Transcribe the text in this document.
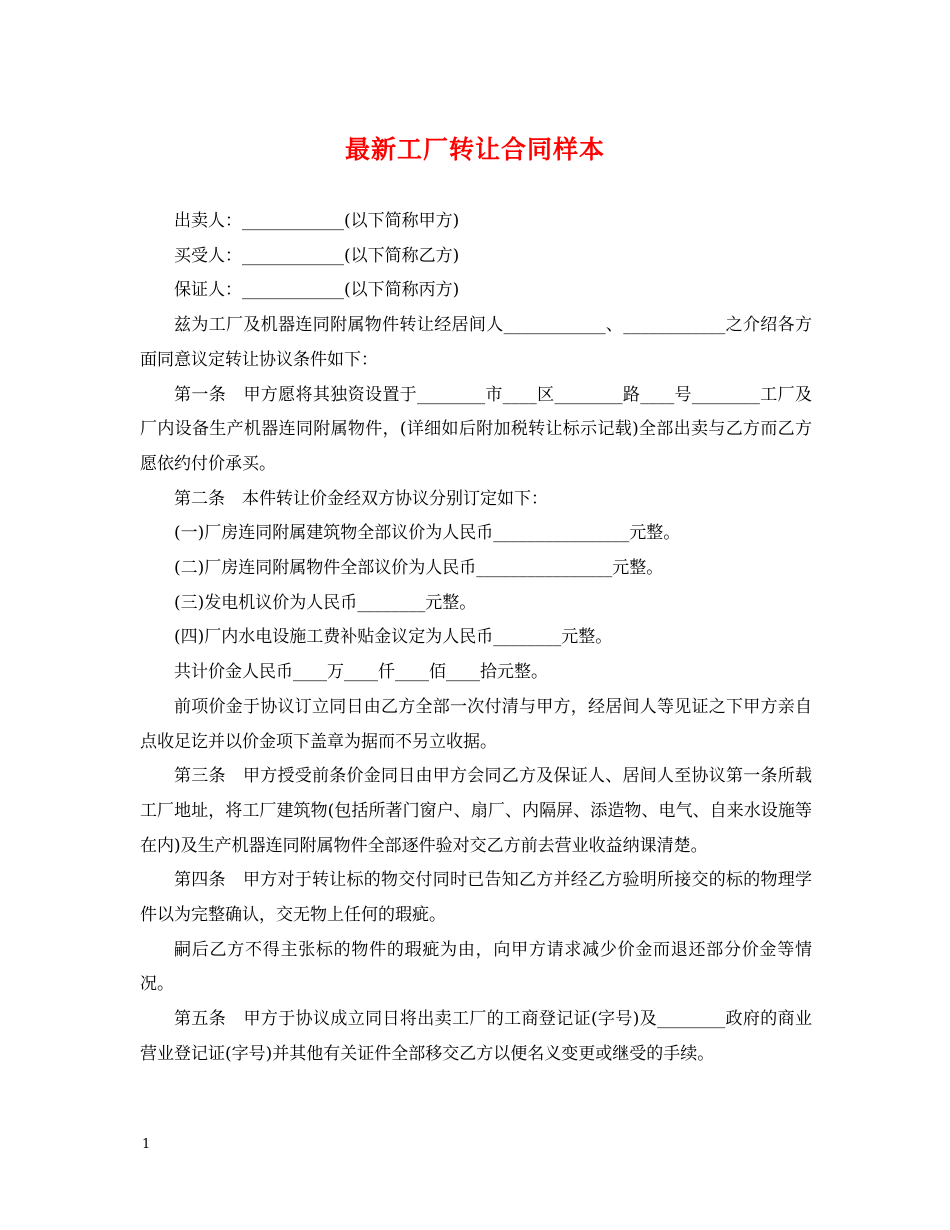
最新工厂转让合同样本

出卖人：____________(以下简称甲方)

买受人：____________(以下简称乙方)

保证人：____________(以下简称丙方)

兹为工厂及机器连同附属物件转让经居间人____________、____________之介绍各方面同意议定转让协议条件如下：

第一条　甲方愿将其独资设置于________市____区________路____号________工厂及厂内设备生产机器连同附属物件，(详细如后附加税转让标示记载)全部出卖与乙方而乙方愿依约付价承买。

第二条　本件转让价金经双方协议分别订定如下：

(一)厂房连同附属建筑物全部议价为人民币________________元整。

(二)厂房连同附属物件全部议价为人民币________________元整。

(三)发电机议价为人民币________元整。

(四)厂内水电设施工费补贴金议定为人民币________元整。

共计价金人民币____万____仟____佰____拾元整。

前项价金于协议订立同日由乙方全部一次付清与甲方，经居间人等见证之下甲方亲自点收足讫并以价金项下盖章为据而不另立收据。

第三条　甲方授受前条价金同日由甲方会同乙方及保证人、居间人至协议第一条所载工厂地址，将工厂建筑物(包括所著门窗户、扇厂、内隔屏、添造物、电气、自来水设施等在内)及生产机器连同附属物件全部逐件验对交乙方前去营业收益纳课清楚。

第四条　甲方对于转让标的物交付同时已告知乙方并经乙方验明所接交的标的物理学件以为完整确认，交无物上任何的瑕疵。

嗣后乙方不得主张标的物件的瑕疵为由，向甲方请求减少价金而退还部分价金等情况。

第五条　甲方于协议成立同日将出卖工厂的工商登记证(字号)及________政府的商业营业登记证(字号)并其他有关证件全部移交乙方以便名义变更或继受的手续。

1
